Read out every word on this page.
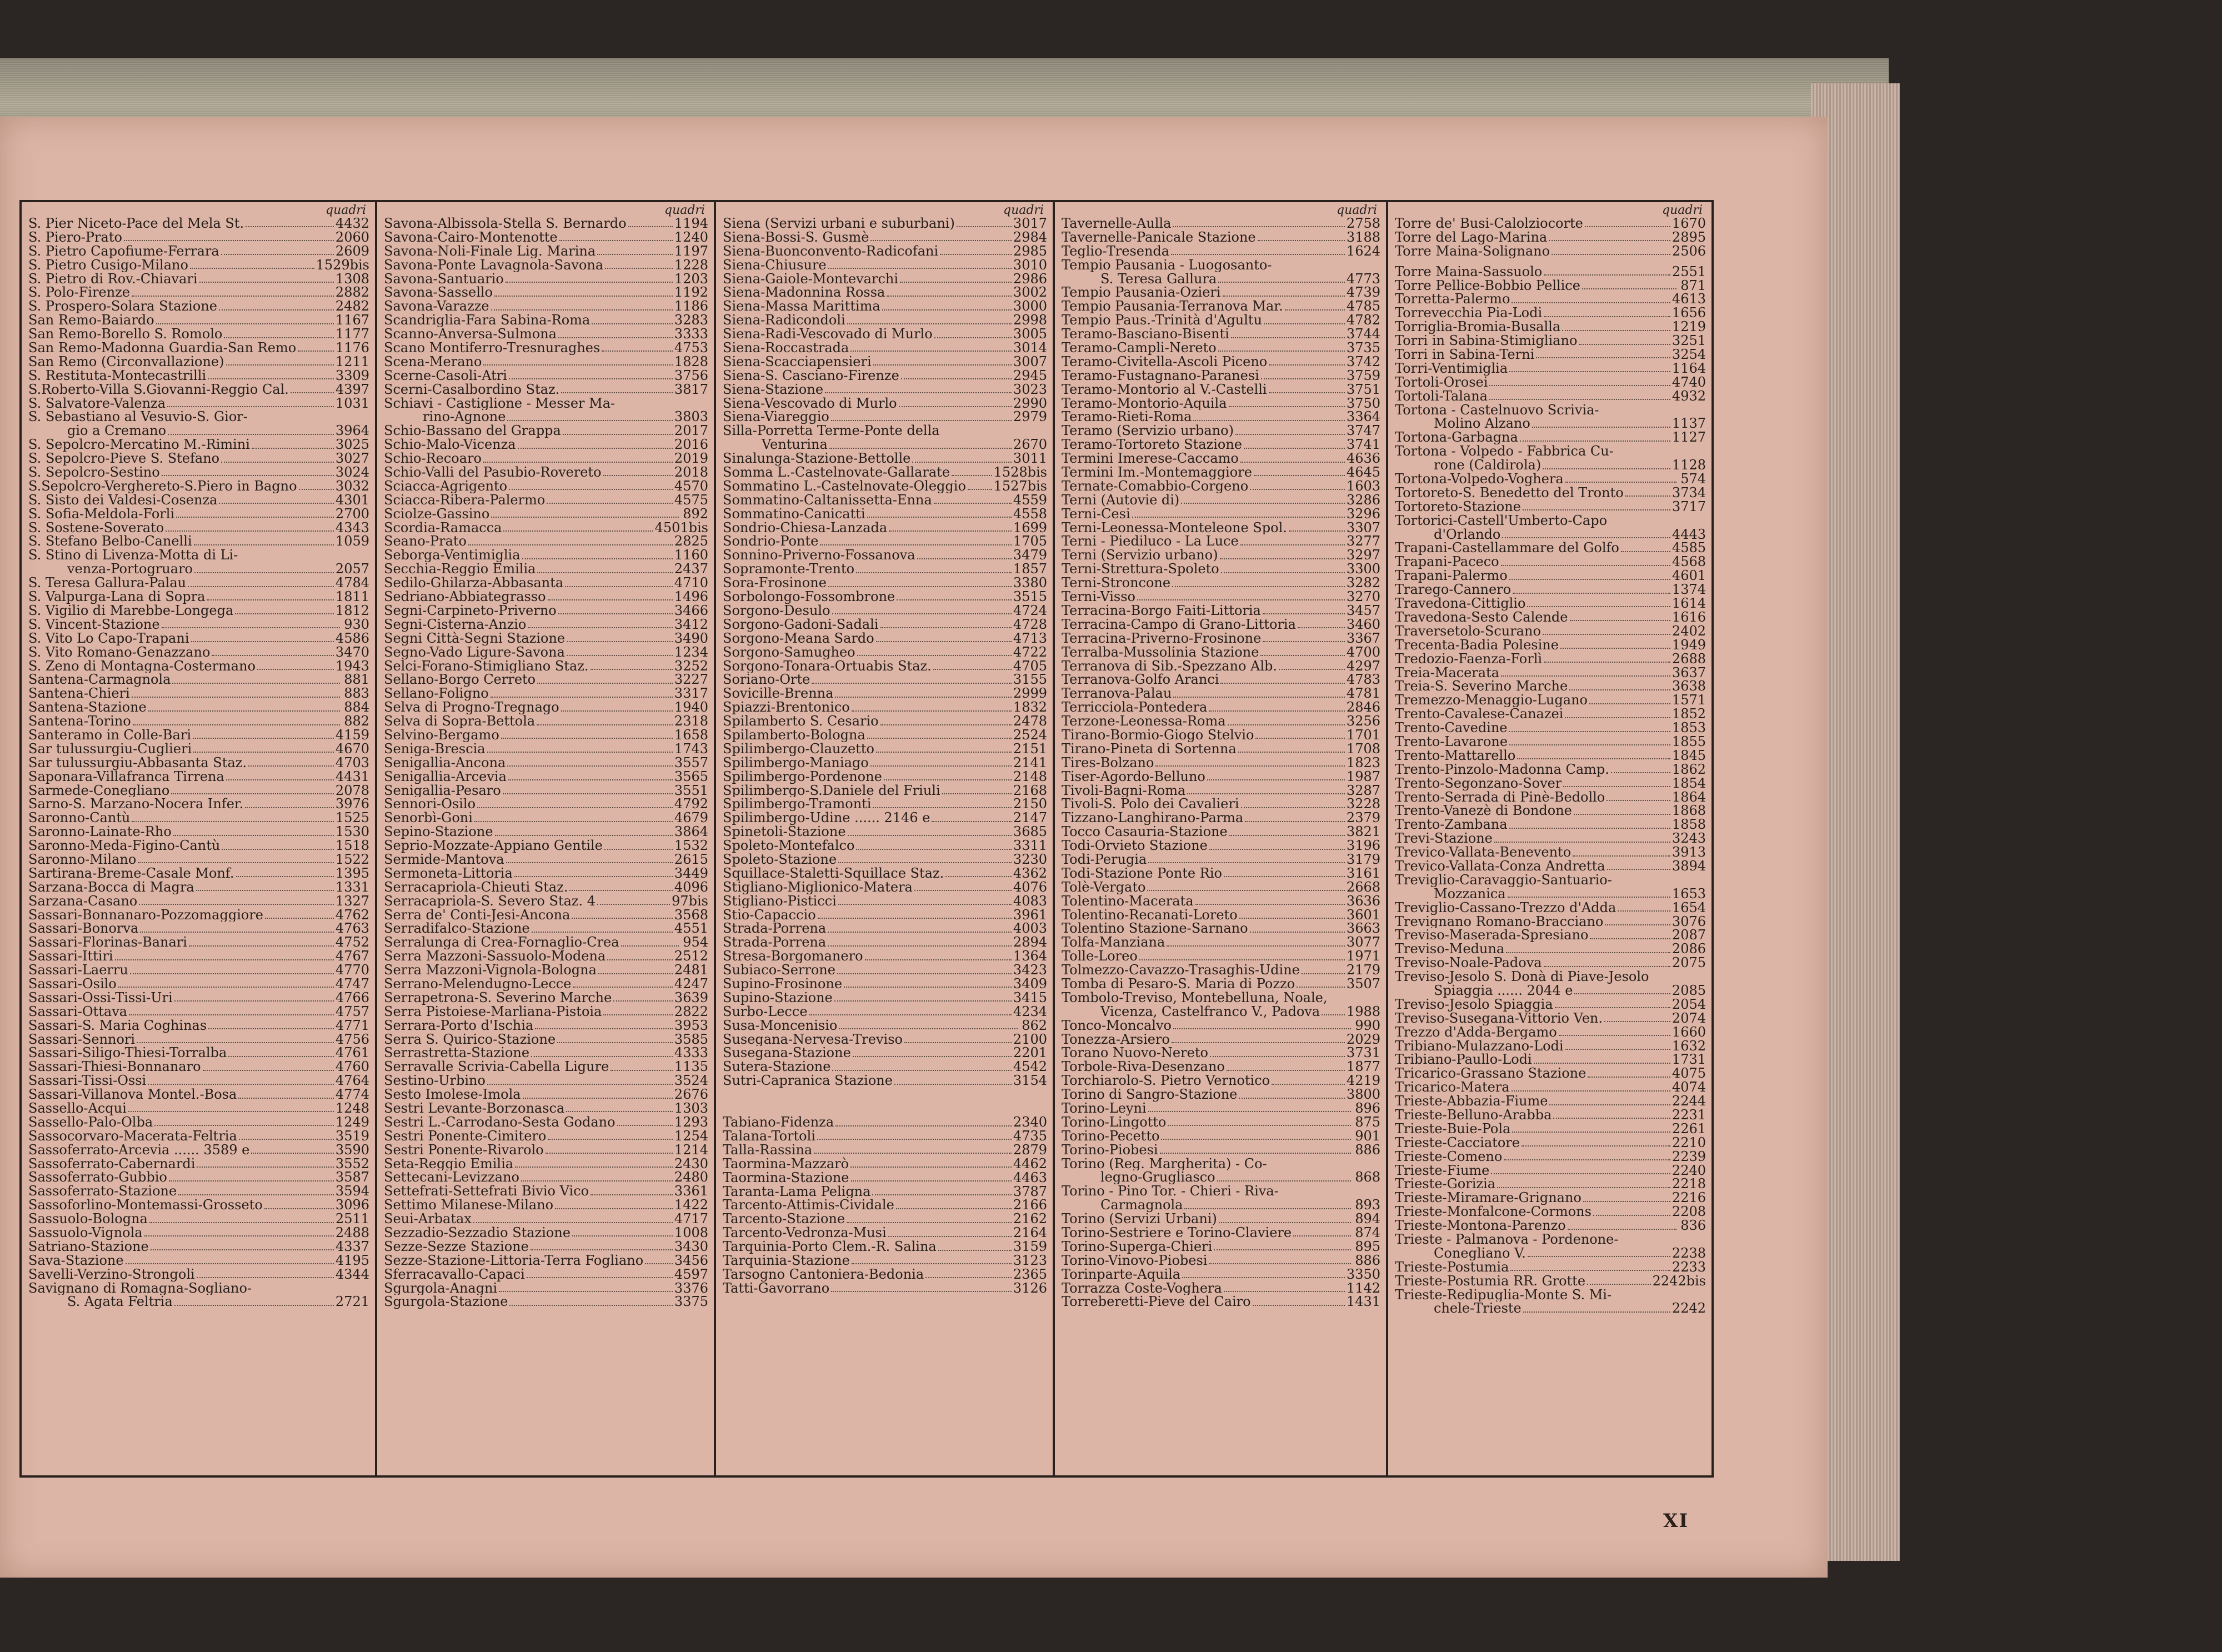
quadri
S. Pier Niceto-Pace del Mela St.	4432
S. Piero-Prato	2060
S. Pietro Capofiume-Ferrara	2609
S. Pietro Cusigo-Milano	1529bis
S. Pietro di Rov.-Chiavari	1308
S. Polo-Firenze	2882
S. Prospero-Solara Stazione	2482
San Remo-Baiardo	1167
San Remo-Borello S. Romolo	1177
San Remo-Madonna Guardia-San Remo	1176
San Remo (Circonvallazione)	1211
S. Restituta-Montecastrilli	3309
S.Roberto-Villa S.Giovanni-Reggio Cal.	4397
S. Salvatore-Valenza	1031
S. Sebastiano al Vesuvio-S. Gior-
gio a Cremano	3964
S. Sepolcro-Mercatino M.-Rimini	3025
S. Sepolcro-Pieve S. Stefano	3027
S. Sepolcro-Sestino	3024
S.Sepolcro-Verghereto-S.Piero in Bagno	3032
S. Sisto dei Valdesi-Cosenza	4301
S. Sofia-Meldola-Forli	2700
S. Sostene-Soverato	4343
S. Stefano Belbo-Canelli	1059
S. Stino di Livenza-Motta di Li-
venza-Portogruaro	2057
S. Teresa Gallura-Palau	4784
S. Valpurga-Lana di Sopra	1811
S. Vigilio di Marebbe-Longega	1812
S. Vincent-Stazione	930
S. Vito Lo Capo-Trapani	4586
S. Vito Romano-Genazzano	3470
S. Zeno di Montagna-Costermano	1943
Santena-Carmagnola	881
Santena-Chieri	883
Santena-Stazione	884
Santena-Torino	882
Santeramo in Colle-Bari	4159
Sar tulussurgiu-Cuglieri	4670
Sar tulussurgiu-Abbasanta Staz.	4703
Saponara-Villafranca Tirrena	4431
Sarmede-Conegliano	2078
Sarno-S. Marzano-Nocera Infer.	3976
Saronno-Cantù	1525
Saronno-Lainate-Rho	1530
Saronno-Meda-Figino-Cantù	1518
Saronno-Milano	1522
Sartirana-Breme-Casale Monf.	1395
Sarzana-Bocca di Magra	1331
Sarzana-Casano	1327
Sassari-Bonnanaro-Pozzomaggiore	4762
Sassari-Bonorva	4763
Sassari-Florinas-Banari	4752
Sassari-Ittiri	4767
Sassari-Laerru	4770
Sassari-Osilo	4747
Sassari-Ossi-Tissi-Uri	4766
Sassari-Ottava	4757
Sassari-S. Maria Coghinas	4771
Sassari-Sennori	4756
Sassari-Siligo-Thiesi-Torralba	4761
Sassari-Thiesi-Bonnanaro	4760
Sassari-Tissi-Ossi	4764
Sassari-Villanova Montel.-Bosa	4774
Sassello-Acqui	1248
Sassello-Palo-Olba	1249
Sassocorvaro-Macerata-Feltria	3519
Sassoferrato-Arcevia ...... 3589 e	3590
Sassoferrato-Cabernardi	3552
Sassoferrato-Gubbio	3587
Sassoferrato-Stazione	3594
Sassoforlino-Montemassi-Grosseto	3096
Sassuolo-Bologna	2511
Sassuolo-Vignola	2488
Satriano-Stazione	4337
Sava-Stazione	4195
Savelli-Verzino-Strongoli	4344
Savignano di Romagna-Sogliano-
S. Agata Feltria	2721
quadri
Savona-Albissola-Stella S. Bernardo	1194
Savona-Cairo-Montenotte	1240
Savona-Noli-Finale Lig. Marina	1197
Savona-Ponte Lavagnola-Savona	1228
Savona-Santuario	1203
Savona-Sassello	1192
Savona-Varazze	1186
Scandriglia-Fara Sabina-Roma	3283
Scanno-Anversa-Sulmona	3333
Scano Montiferro-Tresnuraghes	4753
Scena-Merano	1828
Scerne-Casoli-Atri	3756
Scerni-Casalbordino Staz.	3817
Schiavi - Castiglione - Messer Ma-
rino-Agnone	3803
Schio-Bassano del Grappa	2017
Schio-Malo-Vicenza	2016
Schio-Recoaro	2019
Schio-Valli del Pasubio-Rovereto	2018
Sciacca-Agrigento	4570
Sciacca-Ribera-Palermo	4575
Sciolze-Gassino	892
Scordia-Ramacca	4501bis
Seano-Prato	2825
Seborga-Ventimiglia	1160
Secchia-Reggio Emilia	2437
Sedilo-Ghilarza-Abbasanta	4710
Sedriano-Abbiategrasso	1496
Segni-Carpineto-Priverno	3466
Segni-Cisterna-Anzio	3412
Segni Città-Segni Stazione	3490
Segno-Vado Ligure-Savona	1234
Selci-Forano-Stimigliano Staz.	3252
Sellano-Borgo Cerreto	3227
Sellano-Foligno	3317
Selva di Progno-Tregnago	1940
Selva di Sopra-Bettola	2318
Selvino-Bergamo	1658
Seniga-Brescia	1743
Senigallia-Ancona	3557
Senigallia-Arcevia	3565
Senigallia-Pesaro	3551
Sennori-Osilo	4792
Senorbì-Goni	4679
Sepino-Stazione	3864
Seprio-Mozzate-Appiano Gentile	1532
Sermide-Mantova	2615
Sermoneta-Littoria	3449
Serracapriola-Chieuti Staz.	4096
Serracapriola-S. Severo Staz. 4	97bis
Serra de' Conti-Jesi-Ancona	3568
Serradifalco-Stazione	4551
Serralunga di Crea-Fornaglio-Crea	954
Serra Mazzoni-Sassuolo-Modena	2512
Serra Mazzoni-Vignola-Bologna	2481
Serrano-Melendugno-Lecce	4247
Serrapetrona-S. Severino Marche	3639
Serra Pistoiese-Marliana-Pistoia	2822
Serrara-Porto d'Ischia	3953
Serra S. Quirico-Stazione	3585
Serrastretta-Stazione	4333
Serravalle Scrivia-Cabella Ligure	1135
Sestino-Urbino	3524
Sesto Imolese-Imola	2676
Sestri Levante-Borzonasca	1303
Sestri L.-Carrodano-Sesta Godano	1293
Sestri Ponente-Cimitero	1254
Sestri Ponente-Rivarolo	1214
Seta-Reggio Emilia	2430
Settecani-Levizzano	2480
Settefrati-Settefrati Bivio Vico	3361
Settimo Milanese-Milano	1422
Seui-Arbatax	4717
Sezzadio-Sezzadio Stazione	1008
Sezze-Sezze Stazione	3430
Sezze-Stazione-Littoria-Terra Fogliano 3456
Sferracavallo-Capaci	4597
Sgurgola-Anagni	3376
Sgurgola-Stazione	3375
quadri
Siena (Servizi urbani e suburbani)	3017
Siena-Bossi-S. Gusmè	2984
Siena-Buonconvento-Radicofani	2985
Siena-Chiusure	3010
Siena-Gaiole-Montevarchi	2986
Siena-Madonnina Rossa	3002
Siena-Massa Marittima	3000
Siena-Radicondoli	2998
Siena-Radi-Vescovado di Murlo	3005
Siena-Roccastrada	3014
Siena-Scacciapensieri	3007
Siena-S. Casciano-Firenze	2945
Siena-Stazione	3023
Siena-Vescovado di Murlo	2990
Siena-Viareggio	2979
Silla-Porretta Terme-Ponte della
Venturina	2670
Sinalunga-Stazione-Bettolle	3011
Somma L.-Castelnovate-Gallarate	1528bis
Sommatino L.-Castelnovate-Oleggio 1527bis
Sommatino-Caltanissetta-Enna	4559
Sommatino-Canicatti	4558
Sondrio-Chiesa-Lanzada	1699
Sondrio-Ponte	1705
Sonnino-Priverno-Fossanova	3479
Sopramonte-Trento	1857
Sora-Frosinone	3380
Sorbolongo-Fossombrone	3515
Sorgono-Desulo	4724
Sorgono-Gadoni-Sadali	4728
Sorgono-Meana Sardo	4713
Sorgono-Samugheo	4722
Sorgono-Tonara-Ortuabis Staz.	4705
Soriano-Orte	3155
Sovicille-Brenna	2999
Spiazzi-Brentonico	1832
Spilamberto S. Cesario	2478
Spilamberto-Bologna	2524
Spilimbergo-Clauzetto	2151
Spilimbergo-Maniago	2141
Spilimbergo-Pordenone	2148
Spilimbergo-S.Daniele del Friuli	2168
Spilimbergo-Tramonti	2150
Spilimbergo-Udine ...... 2146 e	2147
Spinetoli-Stazione	3685
Spoleto-Montefalco	3311
Spoleto-Stazione	3230
Squillace-Staletti-Squillace Staz.	4362
Stigliano-Miglionico-Matera	4076
Stigliano-Pisticci	4083
Stio-Capaccio	3961
Strada-Porrena	4003
Strada-Porrena	2894
Stresa-Borgomanero	1364
Subiaco-Serrone	3423
Supino-Frosinone	3409
Supino-Stazione	3415
Surbo-Lecce	4234
Susa-Moncenisio	862
Susegana-Nervesa-Treviso	2100
Susegana-Stazione	2201
Sutera-Stazione	4542
Sutri-Capranica Stazione	3154
Tabiano-Fidenza	2340
Talana-Tortoli	4735
Talla-Rassina	2879
Taormina-Mazzarò	4462
Taormina-Stazione	4463
Taranta-Lama Peligna	3787
Tarcento-Attimis-Cividale	2166
Tarcento-Stazione	2162
Tarcento-Vedronza-Musi	2164
Tarquinia-Porto Clem.-R. Salina	3159
Tarquinia-Stazione	3123
Tarsogno Cantoniera-Bedonia	2365
Tatti-Gavorrano	3126
quadri
Tavernelle-Aulla	2758
Tavernelle-Panicale Stazione	3188
Teglio-Tresenda	1624
Tempio Pausania - Luogosanto-
S. Teresa Gallura	4773
Tempio Pausania-Ozieri	4739
Tempio Pausania-Terranova Mar.	4785
Tempio Paus.-Trinità d'Agultu	4782
Teramo-Basciano-Bisenti	3744
Teramo-Campli-Nereto	3735
Teramo-Civitella-Ascoli Piceno	3742
Teramo-Fustagnano-Paranesi	3759
Teramo-Montorio al V.-Castelli	3751
Teramo-Montorio-Aquila	3750
Teramo-Rieti-Roma	3364
Teramo (Servizio urbano)	3747
Teramo-Tortoreto Stazione	3741
Termini Imerese-Caccamo	4636
Termini Im.-Montemaggiore	4645
Ternate-Comabbio-Corgeno	1603
Terni (Autovie di)	3286
Terni-Cesi	3296
Terni-Leonessa-Monteleone Spol.	3307
Terni - Piediluco - La Luce	3277
Terni (Servizio urbano)	3297
Terni-Strettura-Spoleto	3300
Terni-Stroncone	3282
Terni-Visso	3270
Terracina-Borgo Faiti-Littoria	3457
Terracina-Campo di Grano-Littoria	3460
Terracina-Priverno-Frosinone	3367
Terralba-Mussolinia Stazione	4700
Terranova di Sib.-Spezzano Alb.	4297
Terranova-Golfo Aranci	4783
Terranova-Palau	4781
Terricciola-Pontedera	2846
Terzone-Leonessa-Roma	3256
Tirano-Bormio-Giogo Stelvio	1701
Tirano-Pineta di Sortenna	1708
Tires-Bolzano	1823
Tiser-Agordo-Belluno	1987
Tivoli-Bagni-Roma	3287
Tivoli-S. Polo dei Cavalieri	3228
Tizzano-Langhirano-Parma	2379
Tocco Casauria-Stazione	3821
Todi-Orvieto Stazione	3196
Todi-Perugia	3179
Todi-Stazione Ponte Rio	3161
Tolè-Vergato	2668
Tolentino-Macerata	3636
Tolentino-Recanati-Loreto	3601
Tolentino Stazione-Sarnano	3663
Tolfa-Manziana	3077
Tolle-Loreo	1971
Tolmezzo-Cavazzo-Trasaghis-Udine	2179
Tomba di Pesaro-S. Maria di Pozzo	3507
Tombolo-Treviso, Montebelluna, Noale,
Vicenza, Castelfranco V., Padova 1988
Tonco-Moncalvo	990
Tonezza-Arsiero	2029
Torano Nuovo-Nereto	3731
Torbole-Riva-Desenzano	1877
Torchiarolo-S. Pietro Vernotico	4219
Torino di Sangro-Stazione	3800
Torino-Leyni	896
Torino-Lingotto	875
Torino-Pecetto	901
Torino-Piobesi	886
Torino (Reg. Margherita) - Co-
legno-Grugliasco	868
Torino - Pino Tor. - Chieri - Riva-
Carmagnola	893
Torino (Servizi Urbani)	894
Torino-Sestriere e Torino-Claviere	874
Torino-Superga-Chieri	895
Torino-Vinovo-Piobesi	886
Torinparte-Aquila	3350
Torrazza Coste-Voghera	1142
Torreberetti-Pieve del Cairo	1431
quadri
Torre de' Busi-Calolziocorte	1670
Torre del Lago-Marina	2895
Torre Maina-Solignano	2506
Torre Maina-Sassuolo	2551
Torre Pellice-Bobbio Pellice	871
Torretta-Palermo	4613
Torrevecchia Pia-Lodi	1656
Torriglia-Bromia-Busalla	1219
Torri in Sabina-Stimigliano	3251
Torri in Sabina-Terni	3254
Torri-Ventimiglia	1164
Tortoli-Orosei	4740
Tortoli-Talana	4932
Tortona - Castelnuovo Scrivia-
Molino Alzano	1137
Tortona-Garbagna	1127
Tortona - Volpedo - Fabbrica Cu-
rone (Caldirola)	1128
Tortona-Volpedo-Voghera	574
Tortoreto-S. Benedetto del Tronto	3734
Tortoreto-Stazione	3717
Tortorici-Castell'Umberto-Capo
d'Orlando	4443
Trapani-Castellammare del Golfo	4585
Trapani-Paceco	4568
Trapani-Palermo	4601
Trarego-Cannero	1374
Travedona-Cittiglio	1614
Travedona-Sesto Calende	1616
Traversetolo-Scurano	2402
Trecenta-Badia Polesine	1949
Tredozio-Faenza-Forlì	2688
Treia-Macerata	3637
Treia-S. Severino Marche	3638
Tremezzo-Menaggio-Lugano	1571
Trento-Cavalese-Canazei	1852
Trento-Cavedine	1853
Trento-Lavarone	1855
Trento-Mattarello	1845
Trento-Pinzolo-Madonna Camp.	1862
Trento-Segonzano-Sover	1854
Trento-Serrada di Pinè-Bedollo	1864
Trento-Vanezè di Bondone	1868
Trento-Zambana	1858
Trevi-Stazione	3243
Trevico-Vallata-Benevento	3913
Trevico-Vallata-Conza Andretta	3894
Treviglio-Caravaggio-Santuario-
Mozzanica	1653
Treviglio-Cassano-Trezzo d'Adda	1654
Trevignano Romano-Bracciano	3076
Treviso-Maserada-Spresiano	2087
Treviso-Meduna	2086
Treviso-Noale-Padova	2075
Treviso-Jesolo S. Donà di Piave-Jesolo
Spiaggia ...... 2044 e	2085
Treviso-Jesolo Spiaggia	2054
Treviso-Susegana-Vittorio Ven.	2074
Trezzo d'Adda-Bergamo	1660
Tribiano-Mulazzano-Lodi	1632
Tribiano-Paullo-Lodi	1731
Tricarico-Grassano Stazione	4075
Tricarico-Matera	4074
Trieste-Abbazia-Fiume	2244
Trieste-Belluno-Arabba	2231
Trieste-Buie-Pola	2261
Trieste-Cacciatore	2210
Trieste-Comeno	2239
Trieste-Fiume	2240
Trieste-Gorizia	2218
Trieste-Miramare-Grignano	2216
Trieste-Monfalcone-Cormons	2208
Trieste-Montona-Parenzo	836
Trieste - Palmanova - Pordenone-
Conegliano V.	2238
Trieste-Postumia	2233
Trieste-Postumia RR. Grotte	2242bis
Trieste-Redipuglia-Monte S. Mi-
chele-Trieste	2242
XI
